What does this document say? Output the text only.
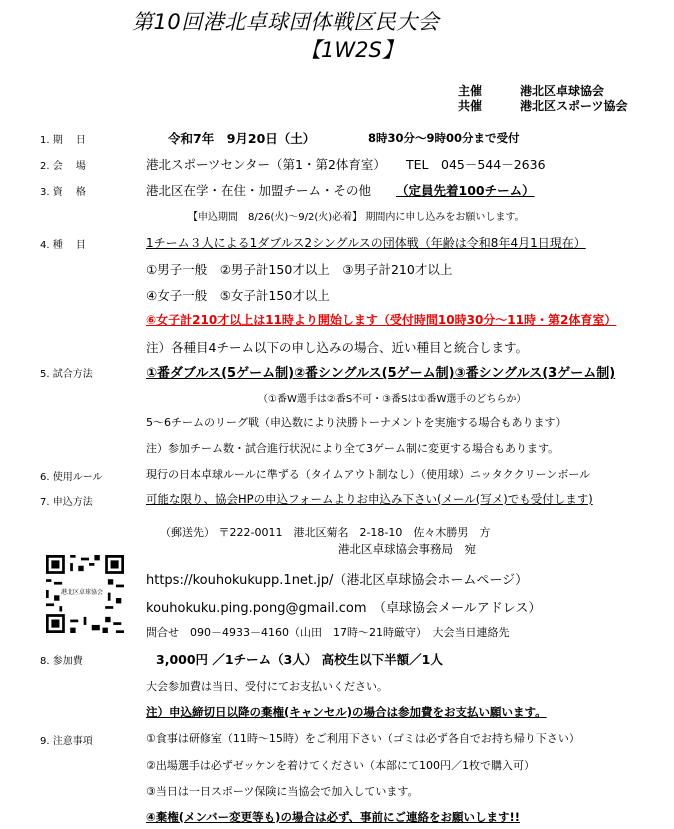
第10回港北卓球団体戦区民大会
【1W2S】
主催	港北区卓球協会
共催	港北区スポーツ協会
1. 期　 日	令和7年　9月20日（土）	8時30分～9時00分まで受付
2. 会　 場	港北スポーツセンター（第1・第2体育室） TEL　045－544－2636
3. 資　 格	港北区在学・在住・加盟チーム・その他　 （定員先着100チーム）
【申込期間　8/26(火)～9/2(火)必着】 期間内に申し込みをお願いします。
4. 種　 目	1チーム３人による1ダブルス2シングルスの団体戦（年齢は令和8年4月1日現在）
①男子一般　②男子計150才以上　③男子計210才以上
④女子一般　⑤女子計150才以上
⑥女子計210才以上は11時より開始します（受付時間10時30分～11時・第2体育室）
注）各種目4チーム以下の申し込みの場合、近い種目と統合します。
5. 試合方法	①番ダブルス(5ゲーム制)②番シングルス(5ゲーム制)③番シングルス(3ゲーム制)
（①番W選手は②番S不可・③番Sは①番W選手のどちらか）
5～6チームのリーグ戦（申込数により決勝トーナメントを実施する場合もあります）
注）参加チーム数・試合進行状況により全て3ゲーム制に変更する場合もあります。
6. 使用ルール	現行の日本卓球ルールに準ずる（タイムアウト制なし）（使用球）ニッタククリーンボール
7. 申込方法	可能な限り、協会HPの申込フォームよりお申込み下さい(メール(写メ)でも受付します)
（郵送先） 〒222-0011　港北区菊名　2-18-10　佐々木勝男　方
港北区卓球協会事務局　宛
港北区卓球協会
https://kouhokukupp.1net.jp/（港北区卓球協会ホームページ）
kouhokuku.ping.pong@gmail.com　（卓球協会メールアドレス）
問合せ　090－4933－4160（山田　17時～21時厳守）　大会当日連絡先
8. 参加費	3,000円 ／1チーム（3人） 高校生以下半額／1人
大会参加費は当日、受付にてお支払いください。
注）申込締切日以降の棄権(キャンセル)の場合は参加費をお支払い願います。
9. 注意事項	①食事は研修室（11時～15時）をご利用下さい（ゴミは必ず各自でお持ち帰り下さい）
②出場選手は必ずゼッケンを着けてください（本部にて100円／1枚で購入可）
③当日は一日スポーツ保険に当協会で加入しています。
④棄権(メンバー変更等も)の場合は必ず、事前にご連絡をお願いします!!
